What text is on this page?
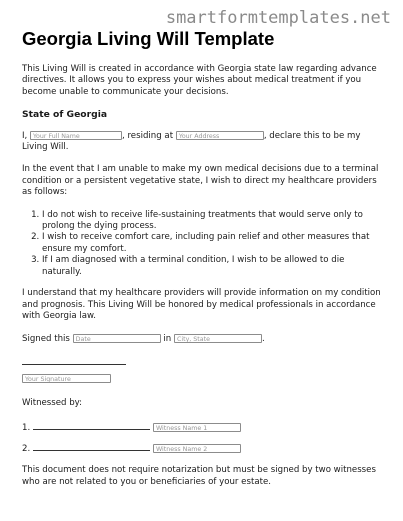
smartformtemplates.net
Georgia Living Will Template

This Living Will is created in accordance with Georgia state law regarding advance directives. It allows you to express your wishes about medical treatment if you become unable to communicate your decisions.

State of Georgia

I, Your Full Name	, residing at Your Address	, declare this to be my Living Will.

In the event that I am unable to make my own medical decisions due to a terminal condition or a persistent vegetative state, I wish to direct my healthcare providers as follows:

1. I do not wish to receive life-sustaining treatments that would serve only to prolong the dying process.
2. I wish to receive comfort care, including pain relief and other measures that ensure my comfort.
3. If I am diagnosed with a terminal condition, I wish to be allowed to die naturally.

I understand that my healthcare providers will provide information on my condition and prognosis. This Living Will be honored by medical professionals in accordance with Georgia law.

Signed this Date	in City, State	.

Your Signature

Witnessed by:

1.	Witness Name 1

2.	Witness Name 2

This document does not require notarization but must be signed by two witnesses who are not related to you or beneficiaries of your estate.
